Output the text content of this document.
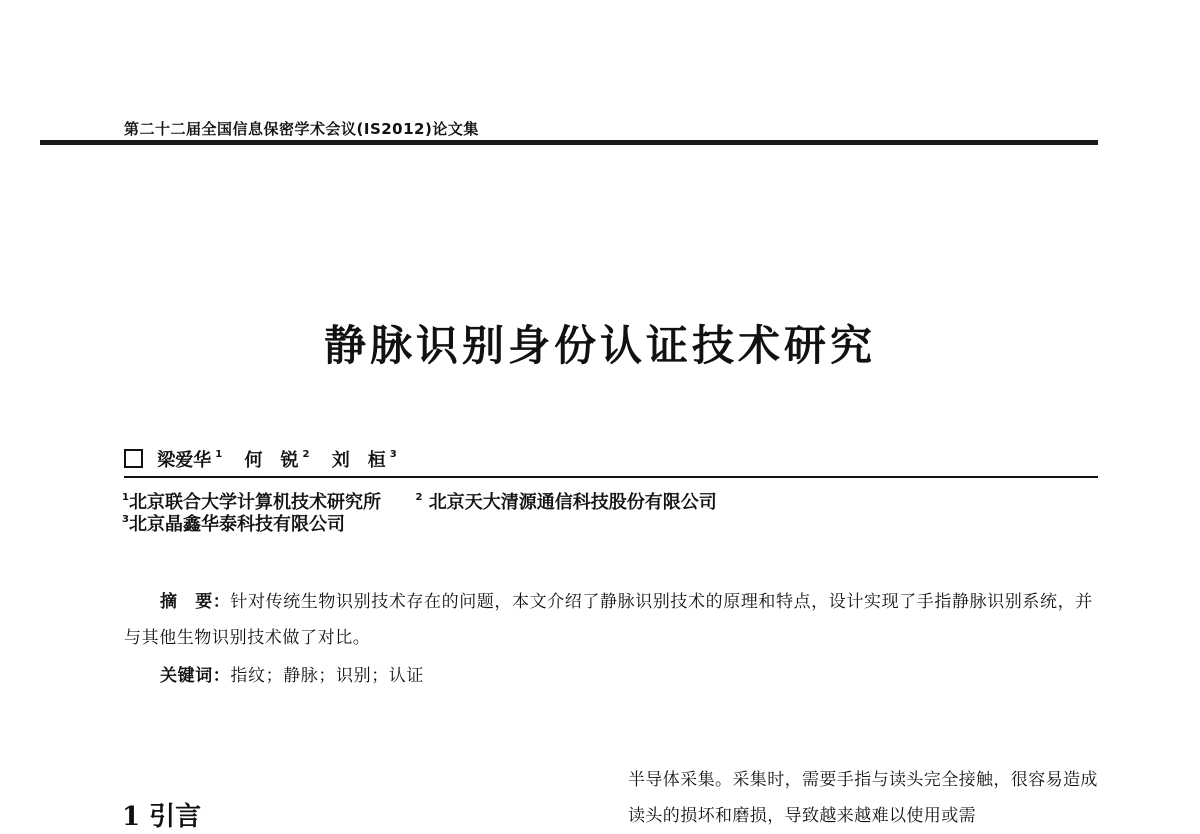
第二十二届全国信息保密学术会议(IS2012)论文集
静脉识别身份认证技术研究
梁爱华 $^1$ 何　锐 $^2$ 刘　桓 $^3$
$^1$北京联合大学计算机技术研究所	$^2$ 北京天大清源通信科技股份有限公司
$^3$北京晶鑫华泰科技有限公司
摘　要：针对传统生物识别技术存在的问题，本文介绍了静脉识别技术的原理和特点，设计实现了手指静脉识别系统，并与其他生物识别技术做了对比。
关键词：指纹；静脉；识别；认证
1 引言
半导体采集。采集时，需要手指与读头完全接触，很容易造成读头的损坏和磨损，导致越来越难以使用或需
